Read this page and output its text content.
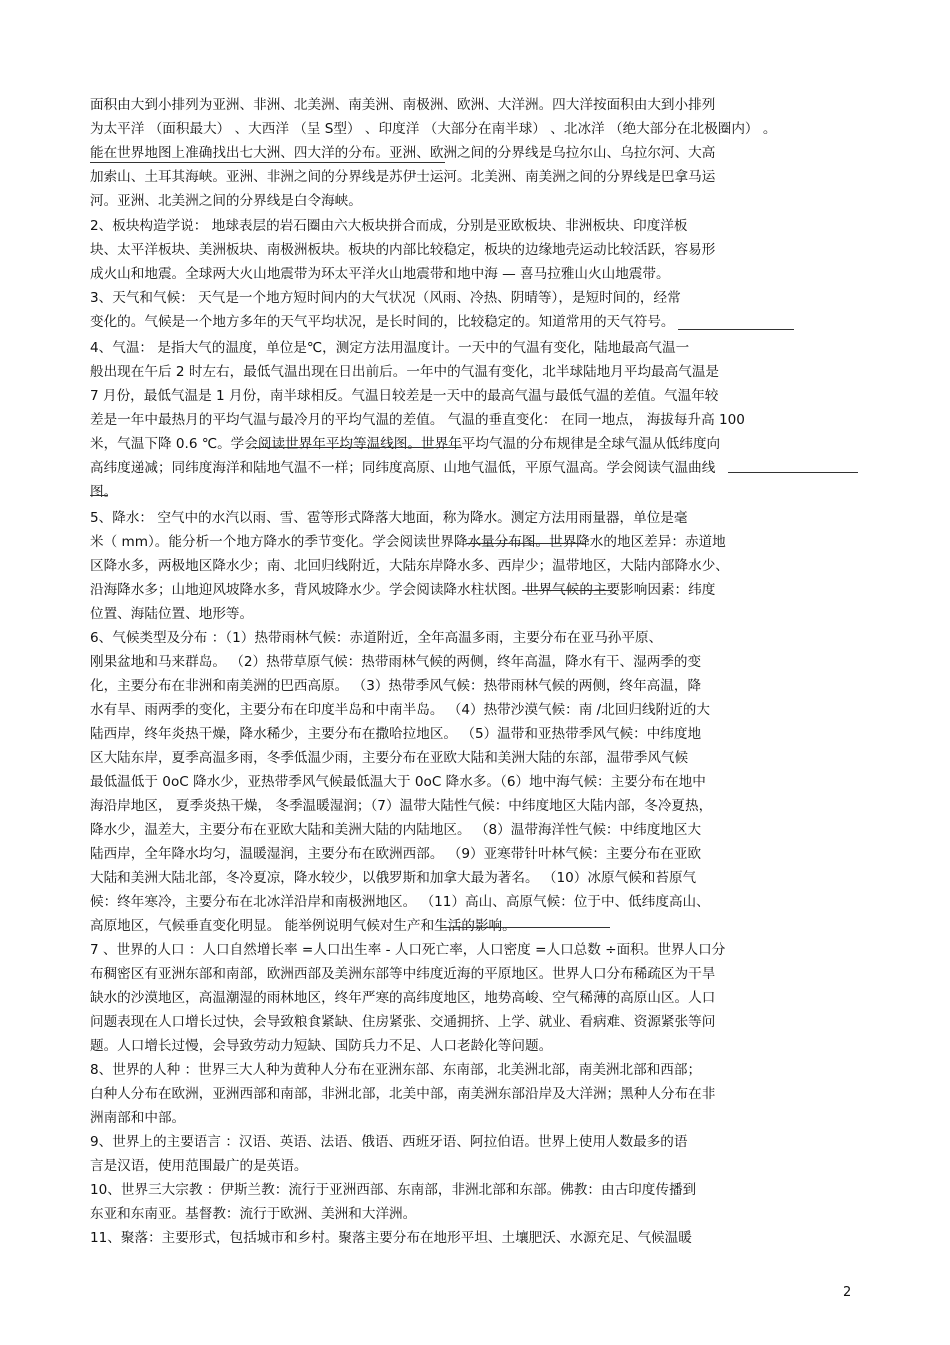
面积由大到小排列为亚洲、非洲、北美洲、南美洲、南极洲、欧洲、大洋洲。四大洋按面积由大到小排列
为太平洋 （面积最大） 、大西洋 （呈 S型） 、印度洋 （大部分在南半球） 、北冰洋 （绝大部分在北极圈内） 。
能在世界地图上准确找出七大洲、四大洋的分布。亚洲、欧洲之间的分界线是乌拉尔山、乌拉尔河、大高
加索山、土耳其海峡。亚洲、非洲之间的分界线是苏伊士运河。北美洲、南美洲之间的分界线是巴拿马运
河。亚洲、北美洲之间的分界线是白令海峡。
2、板块构造学说： 地球表层的岩石圈由六大板块拼合而成，分别是亚欧板块、非洲板块、印度洋板
块、太平洋板块、美洲板块、南极洲板块。板块的内部比较稳定，板块的边缘地壳运动比较活跃，容易形
成火山和地震。全球两大火山地震带为环太平洋火山地震带和地中海 — 喜马拉雅山火山地震带。
3、天气和气候： 天气是一个地方短时间内的大气状况（风雨、冷热、阴晴等），是短时间的，经常
变化的。气候是一个地方多年的天气平均状况，是长时间的，比较稳定的。知道常用的天气符号。
4、气温： 是指大气的温度，单位是℃，测定方法用温度计。一天中的气温有变化，陆地最高气温一
般出现在午后 2 时左右，最低气温出现在日出前后。一年中的气温有变化，北半球陆地月平均最高气温是
7 月份，最低气温是 1 月份，南半球相反。气温日较差是一天中的最高气温与最低气温的差值。气温年较
差是一年中最热月的平均气温与最冷月的平均气温的差值。 气温的垂直变化： 在同一地点， 海拔每升高 100
米，气温下降 0.6 ℃。学会阅读世界年平均等温线图。世界年平均气温的分布规律是全球气温从低纬度向
高纬度递减；同纬度海洋和陆地气温不一样；同纬度高原、山地气温低，平原气温高。学会阅读气温曲线
图。
5、降水： 空气中的水汽以雨、雪、雹等形式降落大地面，称为降水。测定方法用雨量器，单位是毫
米（ mm）。能分析一个地方降水的季节变化。学会阅读世界降水量分布图。世界降水的地区差异：赤道地
区降水多，两极地区降水少；南、北回归线附近，大陆东岸降水多、西岸少；温带地区，大陆内部降水少、
沿海降水多；山地迎风坡降水多，背风坡降水少。学会阅读降水柱状图。世界气候的主要影响因素：纬度
位置、海陆位置、地形等。
6、气候类型及分布 ：（1）热带雨林气候：赤道附近，全年高温多雨，主要分布在亚马孙平原、
刚果盆地和马来群岛。 （2）热带草原气候：热带雨林气候的两侧，终年高温，降水有干、湿两季的变
化，主要分布在非洲和南美洲的巴西高原。 （3）热带季风气候：热带雨林气候的两侧，终年高温，降
水有旱、雨两季的变化，主要分布在印度半岛和中南半岛。 （4）热带沙漠气候：南 /北回归线附近的大
陆西岸，终年炎热干燥，降水稀少，主要分布在撒哈拉地区。 （5）温带和亚热带季风气候：中纬度地
区大陆东岸，夏季高温多雨，冬季低温少雨，主要分布在亚欧大陆和美洲大陆的东部，温带季风气候
最低温低于 0oC 降水少，亚热带季风气候最低温大于 0oC 降水多。（6）地中海气候：主要分布在地中
海沿岸地区， 夏季炎热干燥， 冬季温暖湿润；（7）温带大陆性气候：中纬度地区大陆内部，冬冷夏热，
降水少，温差大，主要分布在亚欧大陆和美洲大陆的内陆地区。 （8）温带海洋性气候：中纬度地区大
陆西岸，全年降水均匀，温暖湿润，主要分布在欧洲西部。 （9）亚寒带针叶林气候：主要分布在亚欧
大陆和美洲大陆北部，冬冷夏凉，降水较少，以俄罗斯和加拿大最为著名。 （10）冰原气候和苔原气
候：终年寒冷，主要分布在北冰洋沿岸和南极洲地区。 （11）高山、高原气候：位于中、低纬度高山、
高原地区，气候垂直变化明显。 能举例说明气候对生产和生活的影响。
7 、世界的人口 ：人口自然增长率 =人口出生率 - 人口死亡率，人口密度 =人口总数 ÷面积。世界人口分
布稠密区有亚洲东部和南部，欧洲西部及美洲东部等中纬度近海的平原地区。世界人口分布稀疏区为干旱
缺水的沙漠地区，高温潮湿的雨林地区，终年严寒的高纬度地区，地势高峻、空气稀薄的高原山区。人口
问题表现在人口增长过快，会导致粮食紧缺、住房紧张、交通拥挤、上学、就业、看病难、资源紧张等问
题。人口增长过慢，会导致劳动力短缺、国防兵力不足、人口老龄化等问题。
8、世界的人种 ：世界三大人种为黄种人分布在亚洲东部、东南部，北美洲北部，南美洲北部和西部；
白种人分布在欧洲，亚洲西部和南部，非洲北部，北美中部，南美洲东部沿岸及大洋洲；黑种人分布在非
洲南部和中部。
9、世界上的主要语言 ：汉语、英语、法语、俄语、西班牙语、阿拉伯语。世界上使用人数最多的语
言是汉语，使用范围最广的是英语。
10、世界三大宗教 ：伊斯兰教：流行于亚洲西部、东南部，非洲北部和东部。佛教：由古印度传播到
东亚和东南亚。基督教：流行于欧洲、美洲和大洋洲。
11、聚落：主要形式，包括城市和乡村。聚落主要分布在地形平坦、土壤肥沃、水源充足、气候温暖
2
